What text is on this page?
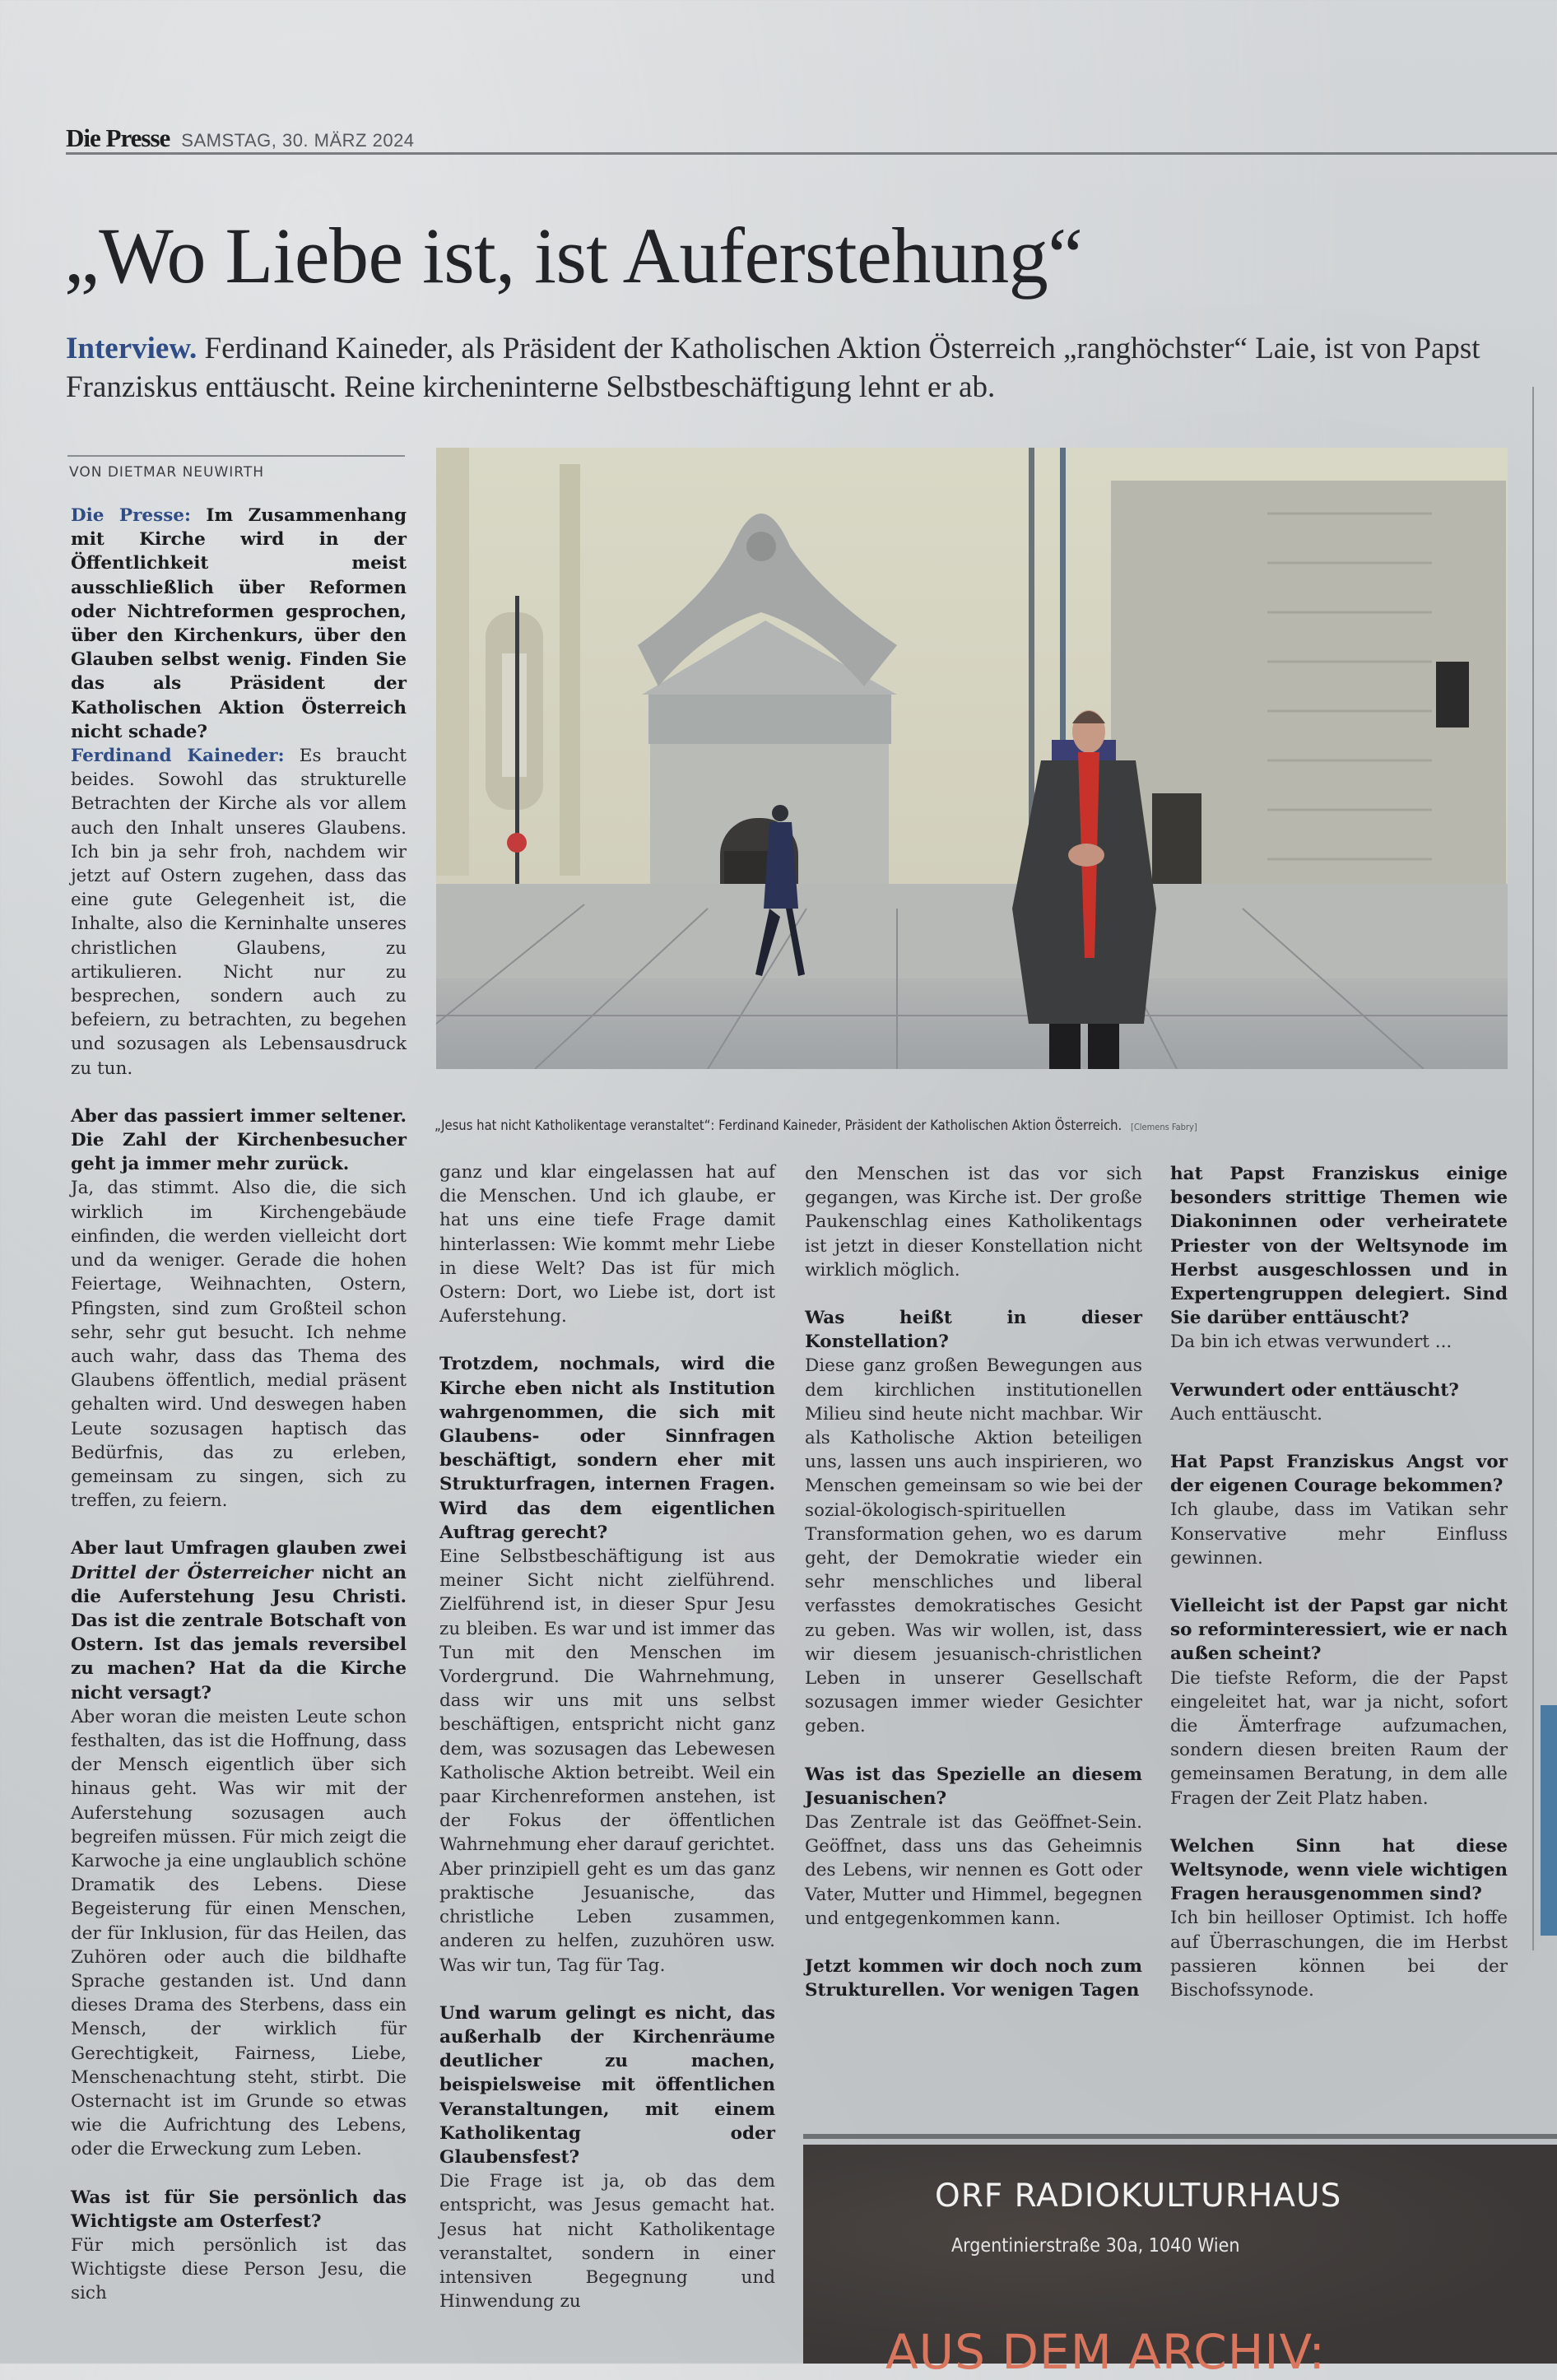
Die Presse SAMSTAG, 30. MÄRZ 2024
„Wo Liebe ist, ist Auferstehung“
Interview. Ferdinand Kaineder, als Präsident der Katholischen Aktion Österreich „ranghöchster“ Laie, ist von Papst Franziskus enttäuscht. Reine kircheninterne Selbstbeschäftigung lehnt er ab.
VON DIETMAR NEUWIRTH
„Jesus hat nicht Katholikentage veranstaltet“: Ferdinand Kaineder, Präsident der Katholischen Aktion Österreich. [Clemens Fabry]

Die Presse: Im Zusammenhang mit Kirche wird in der Öffentlichkeit meist ausschließlich über Reformen oder Nichtreformen gesprochen, über den Kirchenkurs, über den Glauben selbst wenig. Finden Sie das als Präsident der Katholischen Aktion Österreich nicht schade?

Ferdinand Kaineder: Es braucht beides. Sowohl das strukturelle Betrachten der Kirche als vor allem auch den Inhalt unseres Glaubens. Ich bin ja sehr froh, nachdem wir jetzt auf Ostern zugehen, dass das eine gute Gelegenheit ist, die Inhalte, also die Kerninhalte unseres christlichen Glaubens, zu artikulieren. Nicht nur zu besprechen, sondern auch zu befeiern, zu betrachten, zu begehen und sozusagen als Lebensausdruck zu tun.

Aber das passiert immer seltener. Die Zahl der Kirchenbesucher geht ja immer mehr zurück.

Ja, das stimmt. Also die, die sich wirklich im Kirchengebäude einfinden, die werden vielleicht dort und da weniger. Gerade die hohen Feiertage, Weihnachten, Ostern, Pfingsten, sind zum Großteil schon sehr, sehr gut besucht. Ich nehme auch wahr, dass das Thema des Glaubens öffentlich, medial präsent gehalten wird. Und deswegen haben Leute sozusagen haptisch das Bedürfnis, das zu erleben, gemeinsam zu singen, sich zu treffen, zu feiern.

Aber laut Umfragen glauben zwei Drittel der Österreicher nicht an die Auferstehung Jesu Christi. Das ist die zentrale Botschaft von Ostern. Ist das jemals reversibel zu machen? Hat da die Kirche nicht versagt?

Aber woran die meisten Leute schon festhalten, das ist die Hoffnung, dass der Mensch eigentlich über sich hinaus geht. Was wir mit der Auferstehung sozusagen auch begreifen müssen. Für mich zeigt die Karwoche ja eine unglaublich schöne Dramatik des Lebens. Diese Begeisterung für einen Menschen, der für Inklusion, für das Heilen, das Zuhören oder auch die bildhafte Sprache gestanden ist. Und dann dieses Drama des Sterbens, dass ein Mensch, der wirklich für Gerechtigkeit, Fairness, Liebe, Menschenachtung steht, stirbt. Die Osternacht ist im Grunde so etwas wie die Aufrichtung des Lebens, oder die Erweckung zum Leben.

Was ist für Sie persönlich das Wichtigste am Osterfest?

Für mich persönlich ist das Wichtigste diese Person Jesu, die sich

ganz und klar eingelassen hat auf die Menschen. Und ich glaube, er hat uns eine tiefe Frage damit hinterlassen: Wie kommt mehr Liebe in diese Welt? Das ist für mich Ostern: Dort, wo Liebe ist, dort ist Auferstehung.

Trotzdem, nochmals, wird die Kirche eben nicht als Institution wahrgenommen, die sich mit Glaubens- oder Sinnfragen beschäftigt, sondern eher mit Strukturfragen, internen Fragen. Wird das dem eigentlichen Auftrag gerecht?

Eine Selbstbeschäftigung ist aus meiner Sicht nicht zielführend. Zielführend ist, in dieser Spur Jesu zu bleiben. Es war und ist immer das Tun mit den Menschen im Vordergrund. Die Wahrnehmung, dass wir uns mit uns selbst beschäftigen, entspricht nicht ganz dem, was sozusagen das Lebewesen Katholische Aktion betreibt. Weil ein paar Kirchenreformen anstehen, ist der Fokus der öffentlichen Wahrnehmung eher darauf gerichtet. Aber prinzipiell geht es um das ganz praktische Jesuanische, das christliche Leben zusammen, anderen zu helfen, zuzuhören usw. Was wir tun, Tag für Tag.

Und warum gelingt es nicht, das außerhalb der Kirchenräume deutlicher zu machen, beispielsweise mit öffentlichen Veranstaltungen, mit einem Katholikentag oder Glaubensfest?

Die Frage ist ja, ob das dem entspricht, was Jesus gemacht hat. Jesus hat nicht Katholikentage veranstaltet, sondern in einer intensiven Begegnung und Hinwendung zu

den Menschen ist das vor sich gegangen, was Kirche ist. Der große Paukenschlag eines Katholikentags ist jetzt in dieser Konstellation nicht wirklich möglich.

Was heißt in dieser Konstellation?

Diese ganz großen Bewegungen aus dem kirchlichen institutionellen Milieu sind heute nicht machbar. Wir als Katholische Aktion beteiligen uns, lassen uns auch inspirieren, wo Menschen gemeinsam so wie bei der sozial-ökologisch-spirituellen Transformation gehen, wo es darum geht, der Demokratie wieder ein sehr menschliches und liberal verfasstes demokratisches Gesicht zu geben. Was wir wollen, ist, dass wir diesem jesuanisch-christlichen Leben in unserer Gesellschaft sozusagen immer wieder Gesichter geben.

Was ist das Spezielle an diesem Jesuanischen?

Das Zentrale ist das Geöffnet-Sein. Geöffnet, dass uns das Geheimnis des Lebens, wir nennen es Gott oder Vater, Mutter und Himmel, begegnen und entgegenkommen kann.

Jetzt kommen wir doch noch zum Strukturellen. Vor wenigen Tagen

hat Papst Franziskus einige besonders strittige Themen wie Diakoninnen oder verheiratete Priester von der Weltsynode im Herbst ausgeschlossen und in Expertengruppen delegiert. Sind Sie darüber enttäuscht?

Da bin ich etwas verwundert ...

Verwundert oder enttäuscht?

Auch enttäuscht.

Hat Papst Franziskus Angst vor der eigenen Courage bekommen?

Ich glaube, dass im Vatikan sehr Konservative mehr Einfluss gewinnen.

Vielleicht ist der Papst gar nicht so reforminteressiert, wie er nach außen scheint?

Die tiefste Reform, die der Papst eingeleitet hat, war ja nicht, sofort die Ämterfrage aufzumachen, sondern diesen breiten Raum der gemeinsamen Beratung, in dem alle Fragen der Zeit Platz haben.

Welchen Sinn hat diese Weltsynode, wenn viele wichtigen Fragen herausgenommen sind?

Ich bin heilloser Optimist. Ich hoffe auf Überraschungen, die im Herbst passieren können bei der Bischofssynode.

ORF RADIOKULTURHAUS
Argentinierstraße 30a, 1040 Wien
AUS DEM ARCHIV:
